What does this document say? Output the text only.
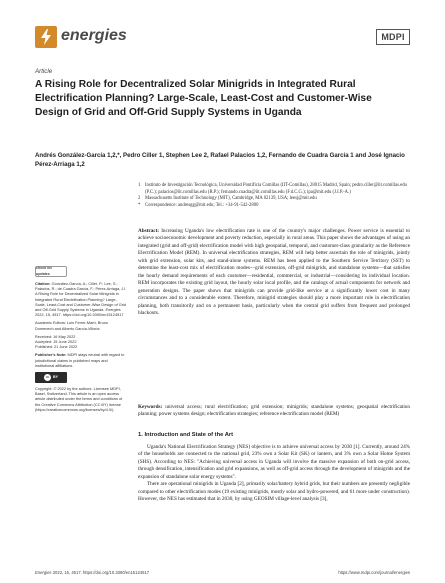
energies	MDPI
Article
A Rising Role for Decentralized Solar Minigrids in Integrated Rural Electrification Planning? Large-Scale, Least-Cost and Customer-Wise Design of Grid and Off-Grid Supply Systems in Uganda
Andrés González-García 1,2,*, Pedro Ciller 1, Stephen Lee 2, Rafael Palacios 1,2, Fernando de Cuadra García 1 and José Ignacio Pérez-Arriaga 1,2
1 Instituto de Investigación Tecnológica, Universidad Pontificia Comillas (IIT-Comillas), 28015 Madrid, Spain; pedro.ciller@iit.comillas.edu (P.C.); palacios@iit.comillas.edu (R.P.); fernando.cuadra@iit.comillas.edu (F.d.C.G.); ipa@mit.edu (J.I.P.-A.)
2 Massachusetts Institute of Technology (MIT), Cambridge, MA 02139, USA; leesj@mit.edu
* Correspondence: andresgg@mit.edu; Tel.: +34-91-542-2800
Abstract: Increasing Uganda's low electrification rate is one of the country's major challenges. Power service is essential to achieve socioeconomic development and poverty reduction, especially in rural areas. This paper shows the advantages of using an integrated (grid and off-grid) electrification model with high geospatial, temporal, and customer-class granularity as the Reference Electrification Model (REM). In universal electrification strategies, REM will help better ascertain the role of minigrids, jointly with grid extension, solar kits, and stand-alone systems. REM has been applied to the Southern Service Territory (SST) to determine the least-cost mix of electrification modes—grid extension, off-grid minigrids, and standalone systems—that satisfies the hourly demand requirements of each customer—residential, commercial, or industrial—considering its individual location. REM incorporates the existing grid layout, the hourly solar local profile, and the catalogs of actual components for network and generation designs. The paper shows that minigrids can provide grid-like service at a significantly lower cost in many circumstances and to a considerable extent. Therefore, minigrid strategies should play a more important role in electrification planning, both transitorily and on a permanent basis, particularly when the central grid suffers from frequent and prolonged blackouts.
Keywords: universal access; rural electrification; grid extension; minigrids; standalone systems; geospatial electrification planning; power systems design; electrification strategies; reference electrification model (REM)
check for updates
Citation: González-García, A.; Ciller, P.; Lee, S.; Palacios, R.; de Cuadra García, F.; Pérez-Arriaga, J.I. A Rising Role for Decentralized Solar Minigrids in Integrated Rural Electrification Planning? Large-Scale, Least-Cost and Customer-Wise Design of Grid and Off-Grid Supply Systems in Uganda. Energies 2022, 15, 4517. https://doi.org/10.3390/en15124517
Academic Editors: Luis Ferrer-Martí, Bruno Domenech and Alberto García-Villoria
Received: 16 May 2022
Accepted: 15 June 2022
Published: 21 June 2022
Publisher's Note: MDPI stays neutral with regard to jurisdictional claims in published maps and institutional affiliations.
cc	BY
Copyright: © 2022 by the authors. Licensee MDPI, Basel, Switzerland. This article is an open access article distributed under the terms and conditions of the Creative Commons Attribution (CC BY) license (https://creativecommons.org/licenses/by/4.0/).
1. Introduction and State of the Art

Uganda's National Electrification Strategy (NES) objective is to achieve universal access by 2030 [1]. Currently, around 24% of the households are connected to the national grid, 23% own a Solar Kit (SK) or lantern, and 3% own a Solar Home System (SHS). According to NES: "Achieving universal access in Uganda will involve the massive expansion of both on-grid access, through densification, intensification and grid expansions, as well as off-grid access through the development of minigrids and the expansion of standalone solar energy systems".

There are operational minigrids in Uganda [2], primarily solar/battery hybrid grids, but their numbers are presently negligible compared to other electrification modes (19 existing minigrids, mostly solar and hydro-powered, and 61 more under construction). However, the NES has estimated that in 2030, by using GEOSIM village-level analysis [3],

Energies 2022, 15, 4517. https://doi.org/10.3390/en15124517	https://www.mdpi.com/journal/energies
